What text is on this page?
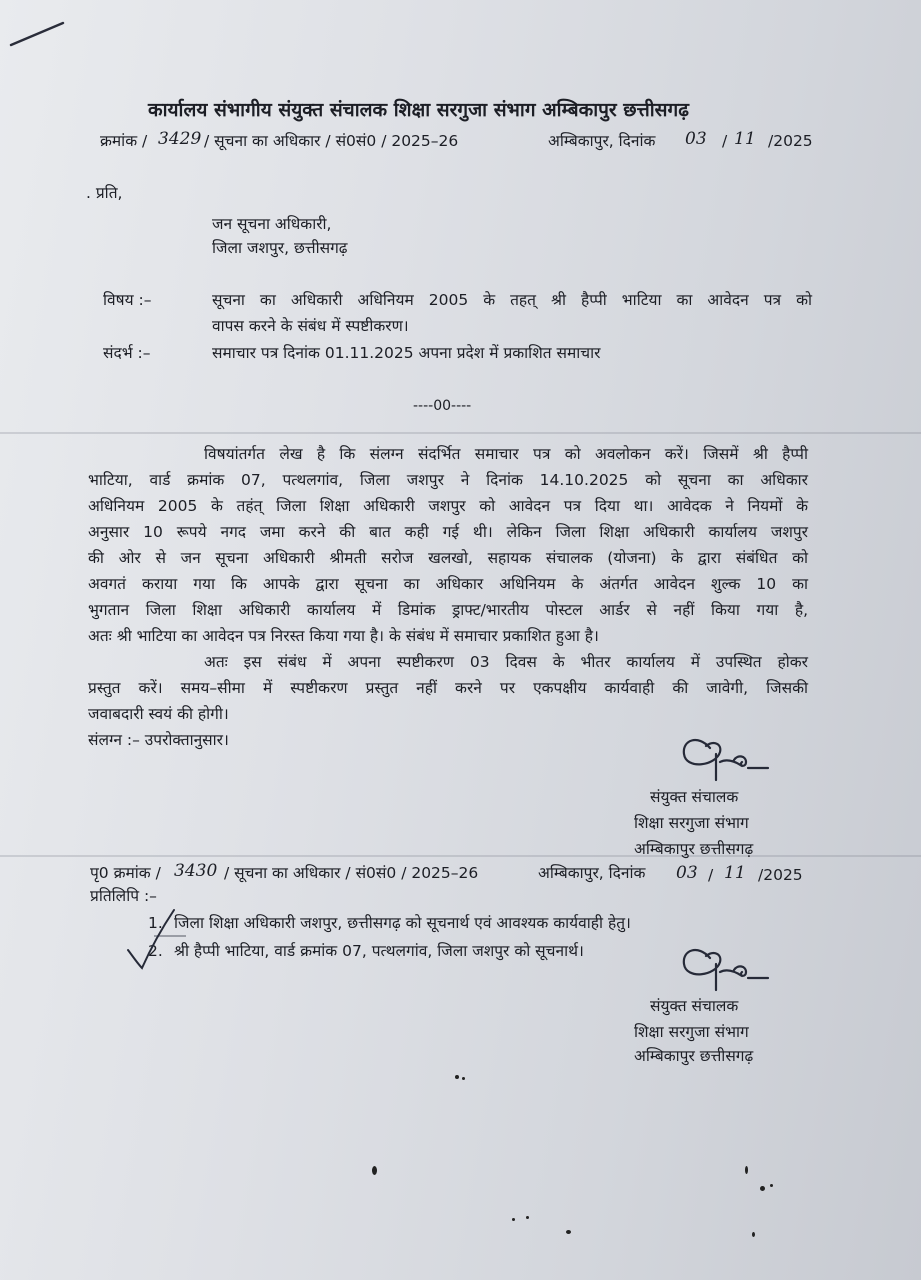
कार्यालय संभागीय संयुक्त संचालक शिक्षा सरगुजा संभाग अम्बिकापुर छत्तीसगढ़
क्रमांक / 3429 / सूचना का अधिकार / सं0सं0 / 2025–26	अम्बिकापुर, दिनांक 03 / 11 /2025
. प्रति,
जन सूचना अधिकारी,
जिला जशपुर, छत्तीसगढ़
विषय :–	सूचना का अधिकारी अधिनियम 2005 के तहत् श्री हैप्पी भाटिया का आवेदन पत्र को
वापस करने के संबंध में स्पष्टीकरण।
संदर्भ :–	समाचार पत्र दिनांक 01.11.2025 अपना प्रदेश में प्रकाशित समाचार
----00----
विषयांतर्गत लेख है कि संलग्न संदर्भित समाचार पत्र को अवलोकन करें। जिसमें श्री हैप्पी
भाटिया, वार्ड क्रमांक 07, पत्थलगांव, जिला जशपुर ने दिनांक 14.10.2025 को सूचना का अधिकार
अधिनियम 2005 के तहंत् जिला शिक्षा अधिकारी जशपुर को आवेदन पत्र दिया था। आवेदक ने नियमों के
अनुसार 10 रूपये नगद जमा करने की बात कही गई थी। लेकिन जिला शिक्षा अधिकारी कार्यालय जशपुर
की ओर से जन सूचना अधिकारी श्रीमती सरोज खलखो, सहायक संचालक (योजना) के द्वारा संबंधित को
अवगतं कराया गया कि आपके द्वारा सूचना का अधिकार अधिनियम के अंतर्गत आवेदन शुल्क 10 का
भुगतान जिला शिक्षा अधिकारी कार्यालय में डिमांक ड्राफ्ट/भारतीय पोस्टल आर्डर से नहीं किया गया है,
अतः श्री भाटिया का आवेदन पत्र निरस्त किया गया है। के संबंध में समाचार प्रकाशित हुआ है।
अतः इस संबंध में अपना स्पष्टीकरण 03 दिवस के भीतर कार्यालय में उपस्थित होकर
प्रस्तुत करें। समय–सीमा में स्पष्टीकरण प्रस्तुत नहीं करने पर एकपक्षीय कार्यवाही की जावेगी, जिसकी
जवाबदारी स्वयं की होगी।
संलग्न :– उपरोक्तानुसार।
संयुक्त संचालक
शिक्षा सरगुजा संभाग
अम्बिकापुर छत्तीसगढ़
पृ0 क्रमांक / 3430 / सूचना का अधिकार / सं0सं0 / 2025–26	अम्बिकापुर, दिनांक 03 / 11 /2025
प्रतिलिपि :–
1. जिला शिक्षा अधिकारी जशपुर, छत्तीसगढ़ को सूचनार्थ एवं आवश्यक कार्यवाही हेतु।
2. श्री हैप्पी भाटिया, वार्ड क्रमांक 07, पत्थलगांव, जिला जशपुर को सूचनार्थ।
संयुक्त संचालक
शिक्षा सरगुजा संभाग
अम्बिकापुर छत्तीसगढ़
